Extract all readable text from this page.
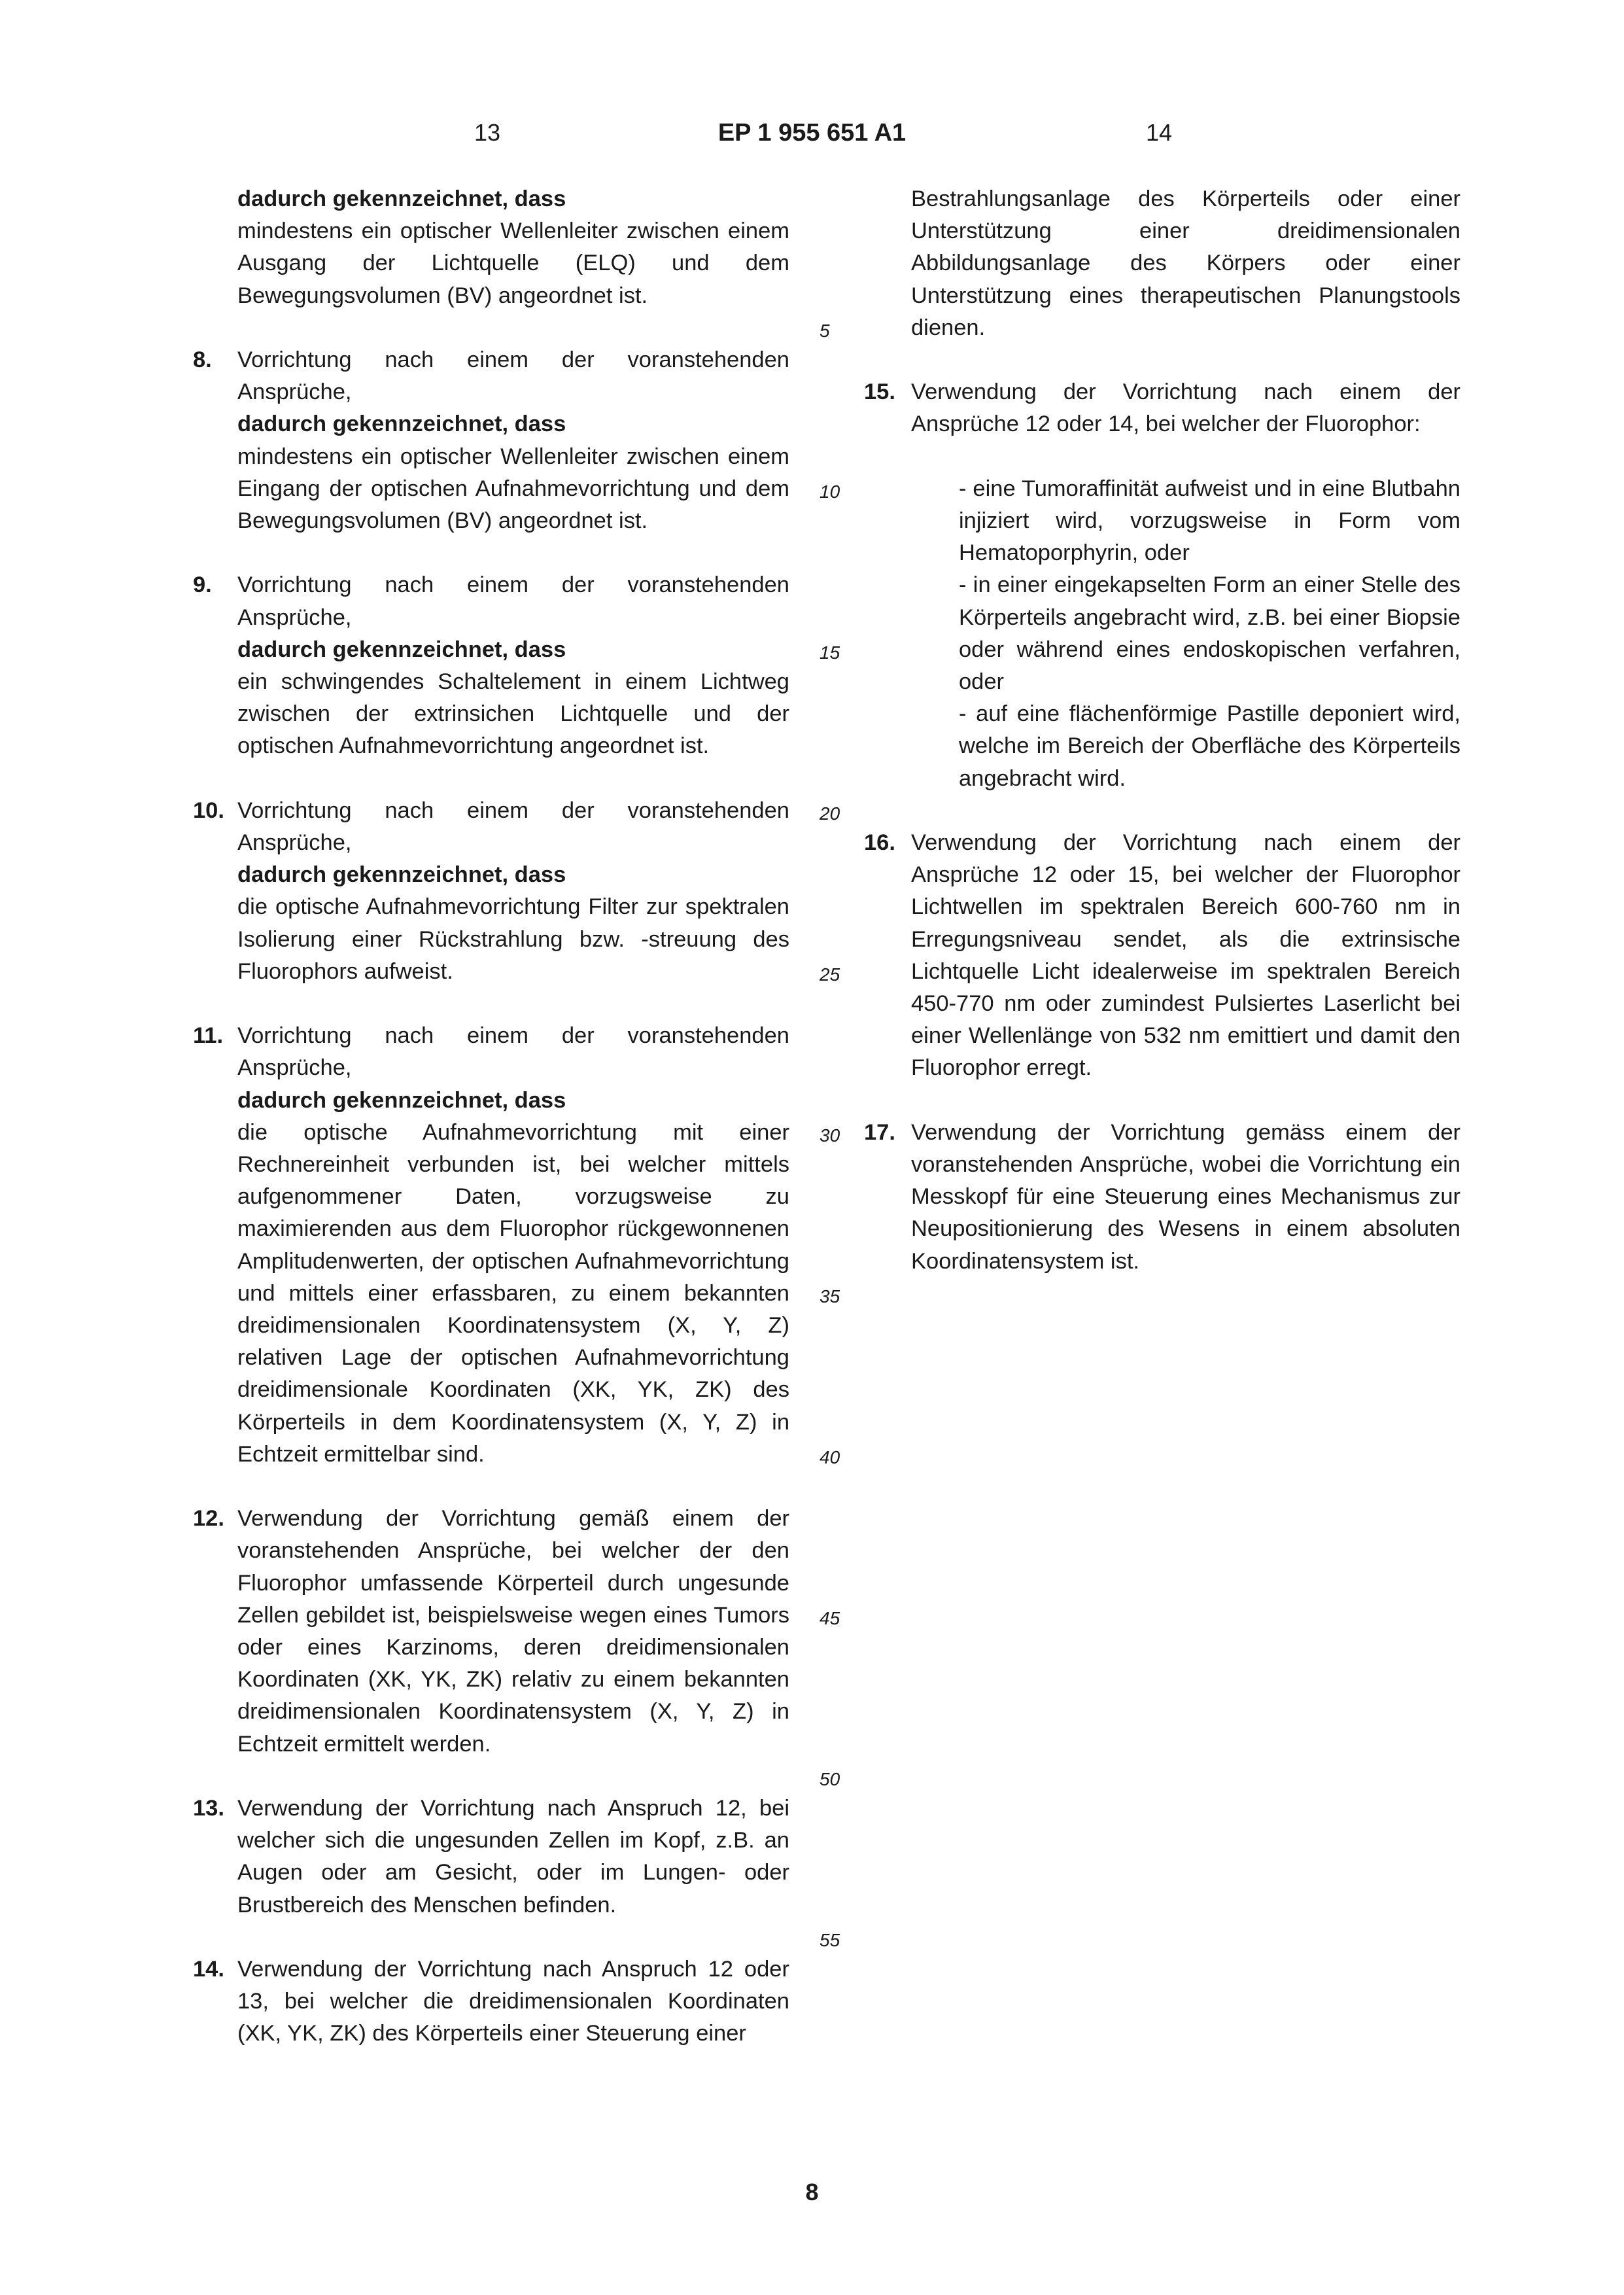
13	EP 1 955 651 A1	14

dadurch gekennzeichnet, dass

mindestens ein optischer Wellenleiter zwischen einem Ausgang der Lichtquelle (ELQ) und dem Bewegungsvolumen (BV) angeordnet ist.

8. Vorrichtung nach einem der voranstehenden Ansprüche,

dadurch gekennzeichnet, dass

mindestens ein optischer Wellenleiter zwischen einem Eingang der optischen Aufnahmevorrichtung und dem Bewegungsvolumen (BV) angeordnet ist.

9. Vorrichtung nach einem der voranstehenden Ansprüche,

dadurch gekennzeichnet, dass

ein schwingendes Schaltelement in einem Lichtweg zwischen der extrinsichen Lichtquelle und der optischen Aufnahmevorrichtung angeordnet ist.

10. Vorrichtung nach einem der voranstehenden Ansprüche,

dadurch gekennzeichnet, dass

die optische Aufnahmevorrichtung Filter zur spektralen Isolierung einer Rückstrahlung bzw. -streuung des Fluorophors aufweist.

11. Vorrichtung nach einem der voranstehenden Ansprüche,

dadurch gekennzeichnet, dass

die optische Aufnahmevorrichtung mit einer Rechnereinheit verbunden ist, bei welcher mittels aufgenommener Daten, vorzugsweise zu maximierenden aus dem Fluorophor rückgewonnenen Amplitudenwerten, der optischen Aufnahmevorrichtung und mittels einer erfassbaren, zu einem bekannten dreidimensionalen Koordinatensystem (X, Y, Z) relativen Lage der optischen Aufnahmevorrichtung dreidimensionale Koordinaten (XK, YK, ZK) des Körperteils in dem Koordinatensystem (X, Y, Z) in Echtzeit ermittelbar sind.

12. Verwendung der Vorrichtung gemäß einem der voranstehenden Ansprüche, bei welcher der den Fluorophor umfassende Körperteil durch ungesunde Zellen gebildet ist, beispielsweise wegen eines Tumors oder eines Karzinoms, deren dreidimensionalen Koordinaten (XK, YK, ZK) relativ zu einem bekannten dreidimensionalen Koordinatensystem (X, Y, Z) in Echtzeit ermittelt werden.

13. Verwendung der Vorrichtung nach Anspruch 12, bei welcher sich die ungesunden Zellen im Kopf, z.B. an Augen oder am Gesicht, oder im Lungen- oder Brustbereich des Menschen befinden.

14. Verwendung der Vorrichtung nach Anspruch 12 oder 13, bei welcher die dreidimensionalen Koordinaten (XK, YK, ZK) des Körperteils einer Steuerung einer

5
10
15
20
25
30
35
40
45
50
55

Bestrahlungsanlage des Körperteils oder einer Unterstützung einer dreidimensionalen Abbildungsanlage des Körpers oder einer Unterstützung eines therapeutischen Planungstools dienen.

15. Verwendung der Vorrichtung nach einem der Ansprüche 12 oder 14, bei welcher der Fluorophor:

- eine Tumoraffinität aufweist und in eine Blutbahn injiziert wird, vorzugsweise in Form vom Hematoporphyrin, oder

- in einer eingekapselten Form an einer Stelle des Körperteils angebracht wird, z.B. bei einer Biopsie oder während eines endoskopischen verfahren, oder

- auf eine flächenförmige Pastille deponiert wird, welche im Bereich der Oberfläche des Körperteils angebracht wird.

16. Verwendung der Vorrichtung nach einem der Ansprüche 12 oder 15, bei welcher der Fluorophor Lichtwellen im spektralen Bereich 600-760 nm in Erregungsniveau sendet, als die extrinsische Lichtquelle Licht idealerweise im spektralen Bereich 450-770 nm oder zumindest Pulsiertes Laserlicht bei einer Wellenlänge von 532 nm emittiert und damit den Fluorophor erregt.

17. Verwendung der Vorrichtung gemäss einem der voranstehenden Ansprüche, wobei die Vorrichtung ein Messkopf für eine Steuerung eines Mechanismus zur Neupositionierung des Wesens in einem absoluten Koordinatensystem ist.

8
